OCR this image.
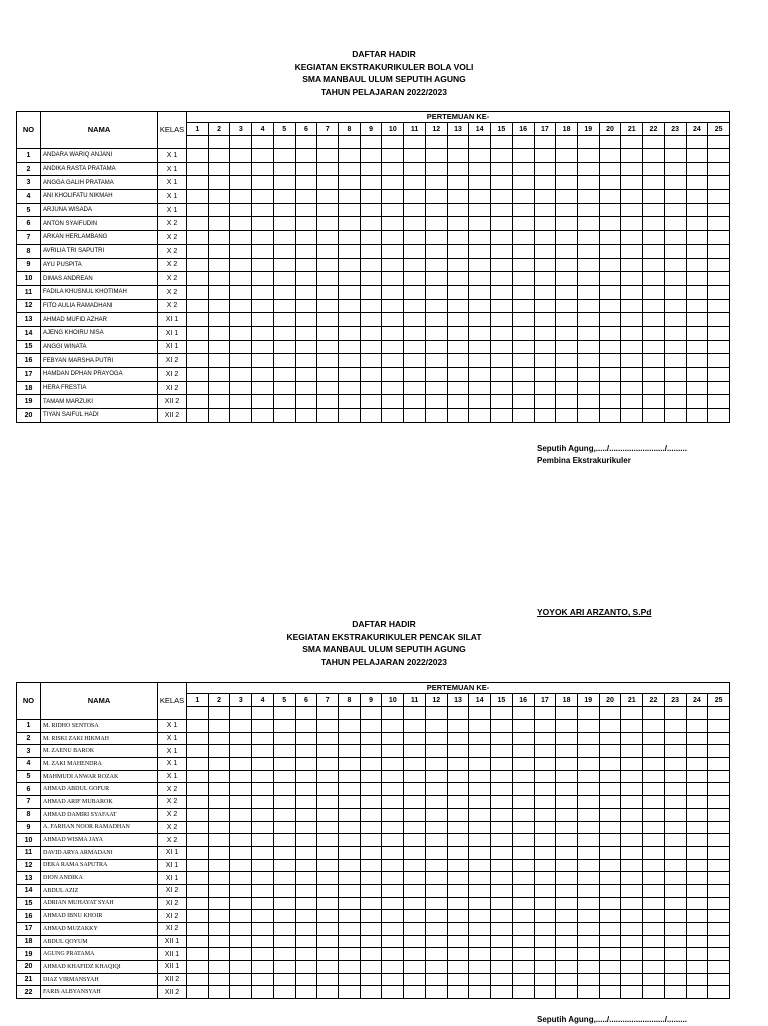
DAFTAR HADIR
KEGIATAN EKSTRAKURIKULER BOLA VOLI
SMA MANBAUL ULUM SEPUTIH AGUNG
TAHUN PELAJARAN 2022/2023
NO	NAMA	KELAS	PERTEMUAN KE-																								
			1	2	3	4	5	6	7	8	9	10	11	12	13	14	15	16	17	18	19	20	21	22	23	24	25

1	ANDARA WARIQ ANJANI	X 1																									
2	ANDIKA RASTA PRATAMA	X 1																									
3	ANGGA GALIH PRATAMA	X 1																									
4	ANI KHOLIFATU NIKMAH	X 1																									
5	ARJUNA WISADA	X 1																									
6	ANTON SYAIFUDIN	X 2																									
7	ARKAN HERLAMBANG	X 2																									
8	AVRILIA TRI SAPUTRI	X 2																									
9	AYU PUSPITA	X 2																									
10	DIMAS ANDREAN	X 2																									
11	FADILA KHUSNUL KHOTIMAH	X 2																									
12	FITO AULIA RAMADHANI	X 2																									
13	AHMAD MUFID AZHAR	XI 1																									
14	AJENG KHOIRU NISA	XI 1																									
15	ANGGI WINATA	XI 1																									
16	FEBYAN MARSHA PUTRI	XI 2																									
17	HAMDAN DPHAN PRAYOGA	XI 2																									
18	HERA FRESTIA	XI 2																									
19	TAMAM MARZUKI	XII 2																									
20	TIYAN SAIFUL HADI	XII 2																									
Seputih Agung,...../........................./.........
Pembina Ekstrakurikuler
YOYOK ARI ARZANTO, S.Pd
DAFTAR HADIR
KEGIATAN EKSTRAKURIKULER PENCAK SILAT
SMA MANBAUL ULUM SEPUTIH AGUNG
TAHUN PELAJARAN 2022/2023
NO	NAMA	KELAS	PERTEMUAN KE-																								
			1	2	3	4	5	6	7	8	9	10	11	12	13	14	15	16	17	18	19	20	21	22	23	24	25

1	M. RIDHO SENTOSA	X 1																									
2	M. RISKI ZAKI HIKMAH	X 1																									
3	M. ZAENU BAROK	X 1																									
4	M. ZAKI MAHENDRA	X 1																									
5	MAHMUDI ANWAR ROZAK	X 1																									
6	AHMAD ABDUL GOFUR	X 2																									
7	AHMAD ARIF MUBAROK	X 2																									
8	AHMAD DAMIRI SYAFAAT	X 2																									
9	A. FARHAN NOOR RAMADHAN	X 2																									
10	AHMAD WISMA JAYA	X 2																									
11	DAVID ARYA ARMADANI	XI 1																									
12	DEKA RAMA SAPUTRA	XI 1																									
13	DION ANDIKA	XI 1																									
14	ABDUL AZIZ	XI 2																									
15	ADRIAN MUHAYAT SYAH	XI 2																									
16	AHMAD IBNU KHOIR	XI 2																									
17	AHMAD MUZAKKY	XI 2																									
18	ABDUL QOYUM	XII 1																									
19	AGUNG PRATAMA	XII 1																									
20	AHMAD KHAFIDZ KHAQIQI	XII 1																									
21	DIAZ VIRMANSYAH	XII 2																									
22	FARIS ALBYANSYAH	XII 2																									
Seputih Agung,...../........................./.........
